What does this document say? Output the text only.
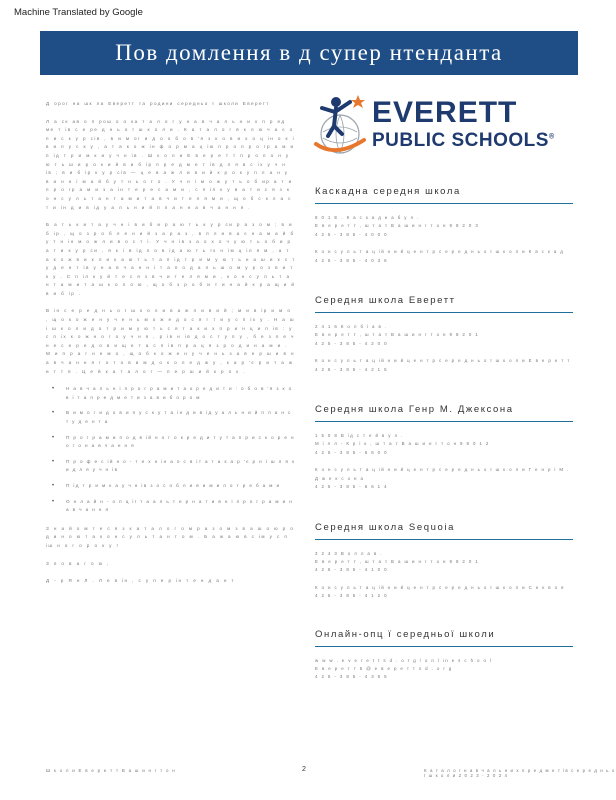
Machine Translated by Google
Пов домлення в д супер нтенданта

Д орог на шк ла Еверетт та родини середньо ї школи Еверетт

Л а ск ав о п рош о о ка т а л о г у н а в ч а л ь н и х п р ед ме т ів с е ре д н ь о ї ш к о л и . К а т а л о г в к л ю ч а є о п и с к у р сів , в и м ог и д о о б о в 'я з к о в и х о ц ін о к і в и п у с к у , а т а к о ж ін ф о р м а ц ію п р о п р о гр а м и п ід т р и м к и у ч н ів . Ш к о л и Е в е р е т т п р о п о н у ю т ь ш и р о к и й в и б ір п р е д м е т ів д л я в с іх у ч н ів ; в и б ір к у р сів — ц е в а ж л и в и й к р о к у п л а н у в а н н і м а й б у т н ь о г о . У ч н і м о ж у т ь о б ир а т и п р о гр а м и з а ін т е р е с а м и , с п іл к у в а т и с я з к о н с у л ь т а н т а м и т а в ч и т е л я м и , щ о б с к л а с т и ін д и в ід у а л ь н и й п л а н н а в ч а н н я .

Б а т ь к и т а у ч н і в и б и р а ю т ь к у р си р а з о м ; в и б ір , щ о з р о б л е н и й з а р а з , в п л и в а є н а м а й б у т н ін м о ж л и в о с т і. У ч н ів з а о х о ч у ю т ь о б и р а т и к у р си , я к і в ід п о в ід а ю т ь їх н ім ц іл я м , а т а к о ж в и к л и к а ю т ь т а п ід т р и м у ю т ь н а ш и х с т у д е н т ів у н а в ч а н н і т а п о д а л ь ш о м у р о з в и т к у . С п іл к у й т е с я з в ч и т е л я м и , к о н с у л ь т а н т а м и т а ш к о л о ю , щ о б з р о б и т и н а й к р а щ и й в и б ір .

В ін с е р е д н ь о ї ш к о л и в а ж л и в и й ; м и в ір и м о , щ о к о ж е н у ч е н ь м о ж е д о с я г т и у с п іх у . Н а ш і ш к о л и д о т р и м у ю т ь с я т а к и х п р и н ц и п ів : у с п іх к о ж н о г о у ч н я , р ів н ів д о с т у п у , б е з п е ч н е с е р е д о в и щ е т а с п ів п р а ц я з р о д и н а м и . М и п р а г н е м о , щ о б к о ж е н у ч е н ь з а в е р ш и в н а в ч а н н я г о т о в и м д о к о л е д ж у , к а р 'є р и т а ж и т т я . Ц е й к а т а л о г — п е р ш и й к р о к .

• Н а в ч а л ь н і п р о г р а м и т а к р е д и т и : о б о в 'я з к о в і т а п р е д м е т и з а в и б о р о м
• В и м о г и д о в и п у с к у т а ін д и в ід у а л ь н и й п л а н с т у д е н т а
• П р о г р а м и п о д в ій н о г о к р е д и т у т а п р и с к о р е н о г о н а в ч а н н я
• П р о ф е с ій н о - т е х н ін а о с в іт а т а к а р 'є р н і ш л я х и д л я у ч н ів
• П ід т р и м к а у ч н ів з о с о б л и в и м и п о т р е б а м и
• О н л а й н - о п ц ії т а а л ь т е р н а т и в н і п р о г р а м и н а в ч а н н я

З н а й о м т е с я з к а т а л о г о м р а з о м з в а ш о ю р о д и н о ю т а к о н с у л ь т а н т о м . Б а ж а ю в с ім у с п іш н о г о р о к у !

З п о в а г о ю ,

Д - р Я н Л . Л е в ін , с у п е р ін т е н д а н т

EVERETT
PUBLIC SCHOOLS®
Каскадна середня школа
8 0 1 Е . К а с к а д н а б у л .
Е в е р е т т , ш т а т В а ш и н г т о н 9 8 2 0 3
4 2 5 - 3 8 5 - 4 0 0 0
К о н с у л ь т а ц ій н и й ц е н т р с е р е д н ь о ї ш к о л и К а с к а д
4 2 5 - 3 8 5 - 4 0 3 6
Середня школа Еверетт
2 4 1 6 К о л б і а в .
Е в е р е т т , ш т а т В а ш и н г т о н 9 8 2 0 1
4 2 5 - 3 8 5 - 4 2 0 0
К о н с у л ь т а ц ій н и й ц е н т р с е р е д н ь о ї ш к о л и Е в е р е т т
4 2 5 - 3 8 5 - 4 2 1 5
Середня школа Генр М. Джексона
1 5 0 8 В ід с т е й в у л .
М і л л - К р і к , ш т а т В а ш и н г т о н 9 8 0 1 2
4 2 5 - 3 8 5 - 6 6 0 0
К о н с у л ь т а ц ій н и й ц е н т р с е р е д н ь о ї ш к о л и Г е н р і М . Д ж е к с о н а
4 2 5 - 3 8 5 - 6 6 1 4
Середня школа Sequoia
3 2 4 3 В о л л а в .
Е в е р е т т , ш т а т В а ш и н г т о н 9 8 2 0 1
4 2 5 - 3 8 5 - 4 1 0 0
К о н с у л ь т а ц ій н и й ц е н т р с е р е д н ь о ї ш к о л и С е к в о я
4 2 5 - 3 8 5 - 4 1 2 0
Онлайн-опц ї середньої школи
w w w . e v e r e t t s d . o r g / o n l in e s c h o o l
Е в е р е т т 5 @ е в е р е т т s d . o r g
4 2 5 - 3 8 5 - 4 3 5 5
Ш к о л и Е в е р е т т В а ш и н г т о н	2	К а т а л о г н а в ч а л ь н и х п р е д м е т ів с е р е д н ь о ї ш к о л и 2 0 2 3 - 2 0 2 4
